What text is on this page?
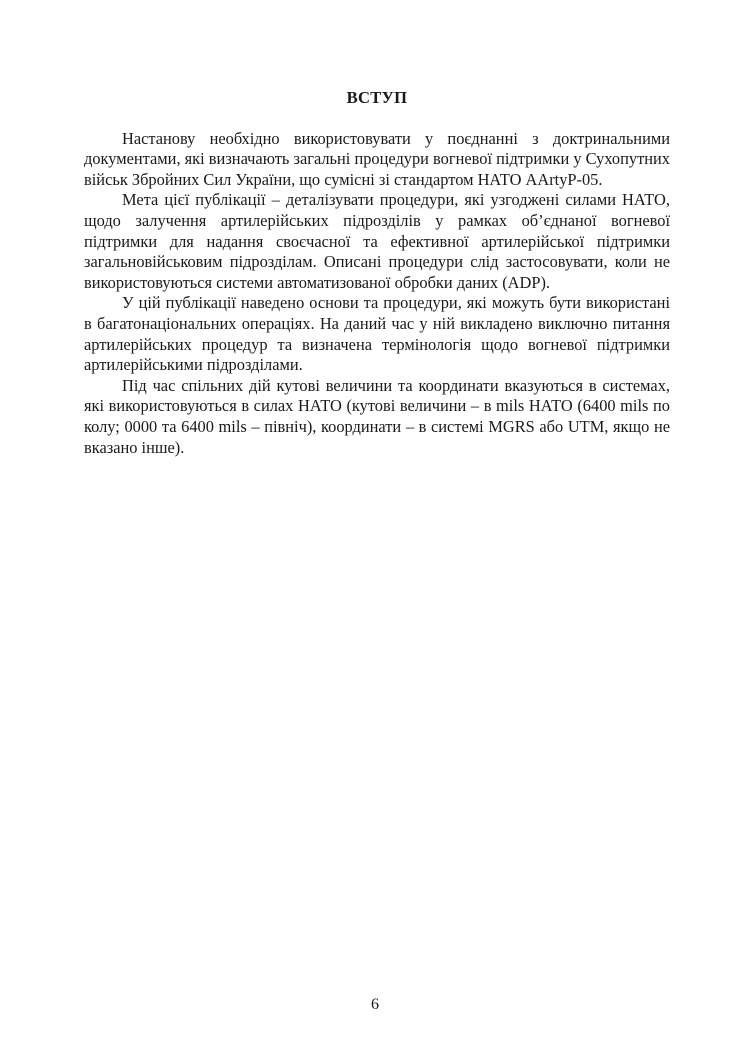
ВСТУП

Настанову необхідно використовувати у поєднанні з доктринальними документами, які визначають загальні процедури вогневої підтримки у Сухопутних військ Збройних Сил України, що сумісні зі стандартом НАТО AArtyP-05.

Мета цієї публікації – деталізувати процедури, які узгоджені силами НАТО, щодо залучення артилерійських підрозділів у рамках об’єднаної вогневої підтримки для надання своєчасної та ефективної артилерійської підтримки загальновійськовим підрозділам. Описані процедури слід застосовувати, коли не використовуються системи автоматизованої обробки даних (ADP).

У цій публікації наведено основи та процедури, які можуть бути використані в багатонаціональних операціях. На даний час у ній викладено виключно питання артилерійських процедур та визначена термінологія щодо вогневої підтримки артилерійськими підрозділами.

Під час спільних дій кутові величини та координати вказуються в системах, які використовуються в силах НАТО (кутові величини – в mils НАТО (6400 mils по колу; 0000 та 6400 mils – північ), координати – в системі MGRS або UTM, якщо не вказано інше).

6
